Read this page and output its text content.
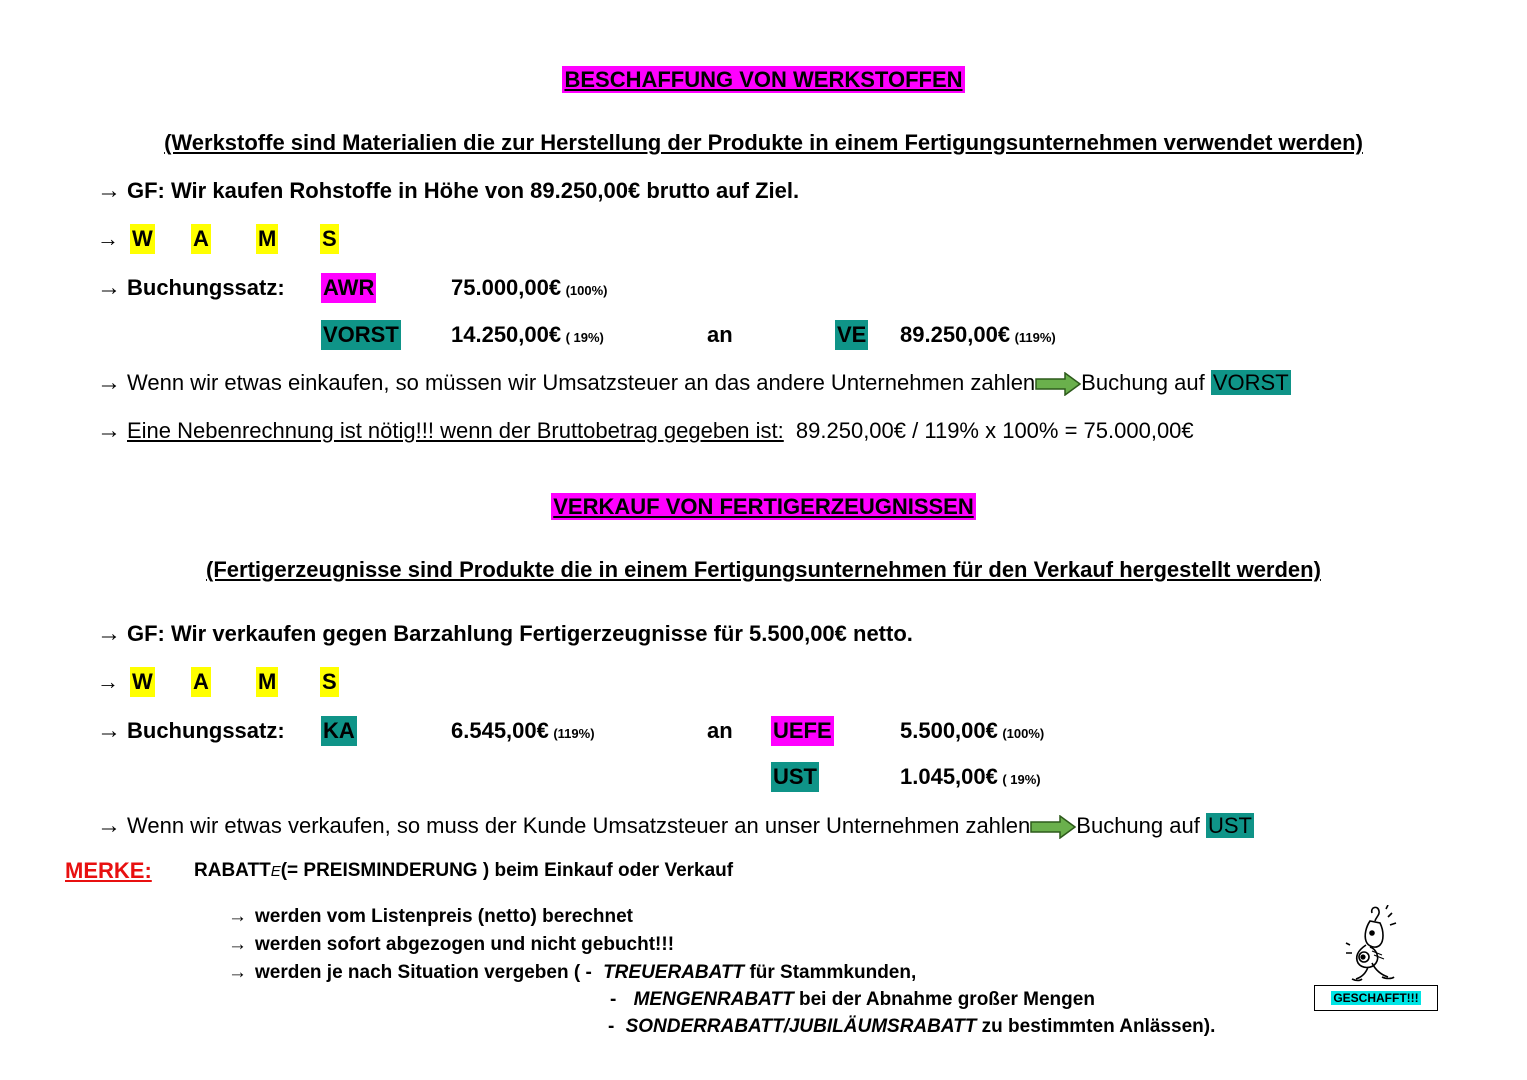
BESCHAFFUNG VON WERKSTOFFEN
(Werkstoffe sind Materialien die zur Herstellung der Produkte in einem Fertigungsunternehmen verwendet werden)
→ GF: Wir kaufen Rohstoffe in Höhe von 89.250,00€ brutto auf Ziel.
→ W A M S
→ Buchungssatz: AWR	75.000,00€ (100%)
VORST 14.250,00€ ( 19%)	an	VE 89.250,00€ (119%)
→ Wenn wir etwas einkaufen, so müssen wir Umsatzsteuer an das andere Unternehmen zahlen Buchung auf VORST
→ Eine Nebenrechnung ist nötig!!! wenn der Bruttobetrag gegeben ist: 89.250,00€ / 119% x 100% = 75.000,00€
VERKAUF VON FERTIGERZEUGNISSEN
(Fertigerzeugnisse sind Produkte die in einem Fertigungsunternehmen für den Verkauf hergestellt werden)
→ GF: Wir verkaufen gegen Barzahlung Fertigerzeugnisse für 5.500,00€ netto.
→ W A M S
→ Buchungssatz: KA	6.545,00€ (119%)	an UEFE	5.500,00€ (100%)
UST	1.045,00€ ( 19%)
→ Wenn wir etwas verkaufen, so muss der Kunde Umsatzsteuer an unser Unternehmen zahlen Buchung auf UST
MERKE: RABATTE(= PREISMINDERUNG ) beim Einkauf oder Verkauf
→ werden vom Listenpreis (netto) berechnet
→ werden sofort abgezogen und nicht gebucht!!!
→ werden je nach Situation vergeben ( - TREUERABATT für Stammkunden,
- MENGENRABATT bei der Abnahme großer Mengen
- SONDERRABATT/JUBILÄUMSRABATT zu bestimmten Anlässen).
GESCHAFFT!!!
